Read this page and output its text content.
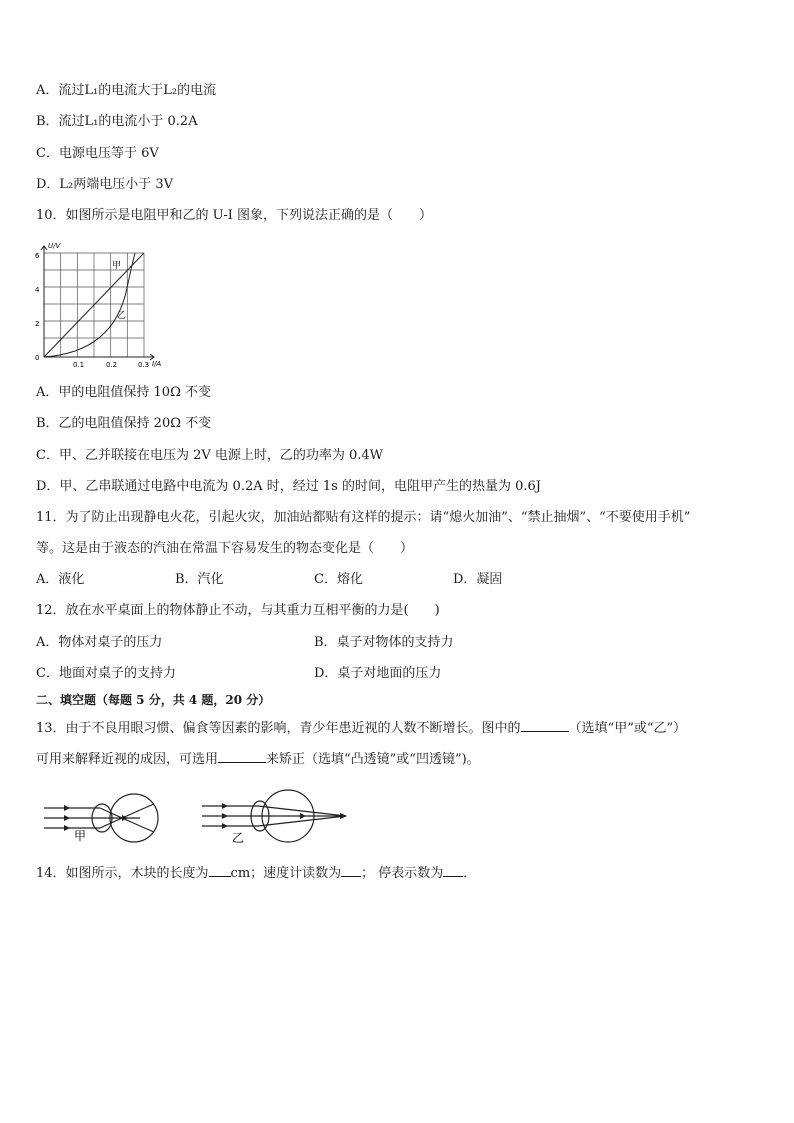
A．流过L₁的电流大于L₂的电流
B．流过L₁的电流小于 0.2A
C．电源电压等于 6V
D．L₂两端电压小于 3V
10．如图所示是电阻甲和乙的 U-I 图象，下列说法正确的是（　　）
U/V
I/A
0
2
4
6
0.1	0.2	0.3
甲
乙
A．甲的电阻值保持 10Ω 不变
B．乙的电阻值保持 20Ω 不变
C．甲、乙并联接在电压为 2V 电源上时，乙的功率为 0.4W
D．甲、乙串联通过电路中电流为 0.2A 时，经过 1s 的时间，电阻甲产生的热量为 0.6J
11．为了防止出现静电火花，引起火灾，加油站都贴有这样的提示：请“熄火加油”、“禁止抽烟”、“不要使用手机”
等。这是由于液态的汽油在常温下容易发生的物态变化是（　　）
A．液化	B．汽化	C．熔化	D．凝固
12．放在水平桌面上的物体静止不动，与其重力互相平衡的力是(　　)
A．物体对桌子的压力	B．桌子对物体的支持力
C．地面对桌子的支持力	D．桌子对地面的压力
二、填空题（每题 5 分，共 4 题，20 分）
13．由于不良用眼习惯、偏食等因素的影响，青少年患近视的人数不断增长。图中的	（选填“甲”或“乙”）
可用来解释近视的成因，可选用	来矫正（选填“凸透镜”或“凹透镜”)。
甲	乙
14．如图所示，木块的长度为 cm；速度计读数为 ； 停表示数为 ．
